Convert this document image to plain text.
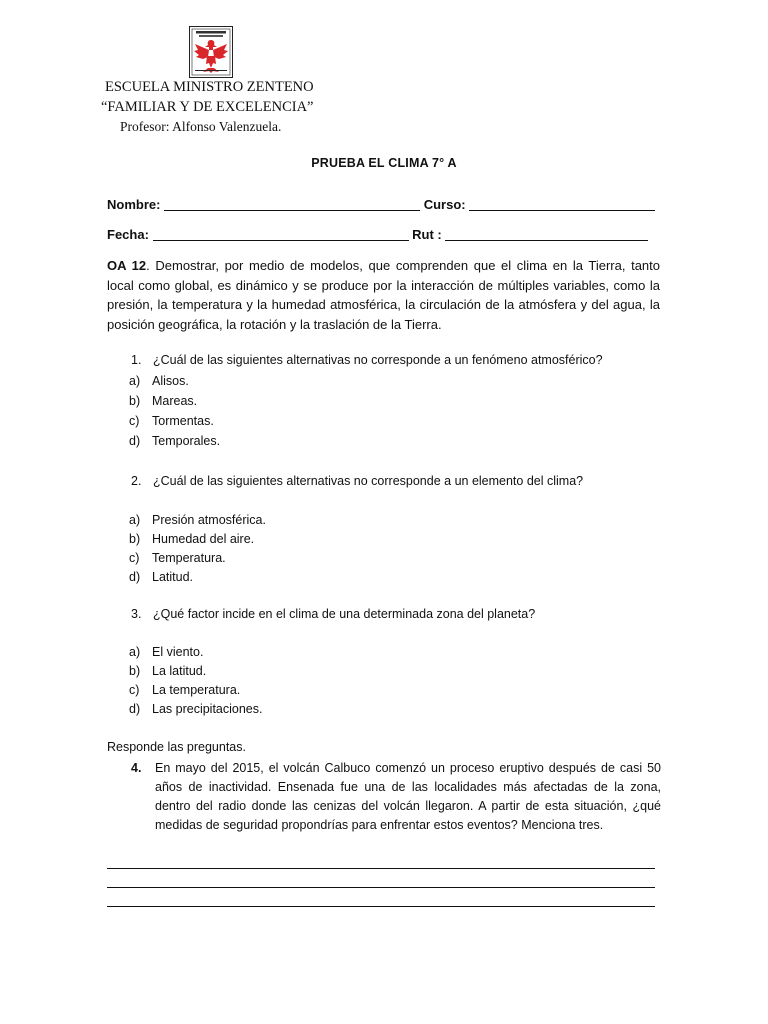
ESCUELA MINISTRO ZENTENO
“FAMILIAR Y DE EXCELENCIA”
Profesor: Alfonso Valenzuela.
PRUEBA EL CLIMA 7° A
Nombre:	Curso:
Fecha:	Rut :
OA 12. Demostrar, por medio de modelos, que comprenden que el clima en la Tierra, tanto local como global, es dinámico y se produce por la interacción de múltiples variables, como la presión, la temperatura y la humedad atmosférica, la circulación de la atmósfera y del agua, la posición geográfica, la rotación y la traslación de la Tierra.
1. ¿Cuál de las siguientes alternativas no corresponde a un fenómeno atmosférico?
a) Alisos.
b) Mareas.
c) Tormentas.
d) Temporales.
2. ¿Cuál de las siguientes alternativas no corresponde a un elemento del clima?
a) Presión atmosférica.
b) Humedad del aire.
c) Temperatura.
d) Latitud.
3. ¿Qué factor incide en el clima de una determinada zona del planeta?
a) El viento.
b) La latitud.
c) La temperatura.
d) Las precipitaciones.
Responde las preguntas.
4. En mayo del 2015, el volcán Calbuco comenzó un proceso eruptivo después de casi 50 años de inactividad. Ensenada fue una de las localidades más afectadas de la zona, dentro del radio donde las cenizas del volcán llegaron. A partir de esta situación, ¿qué medidas de seguridad propondrías para enfrentar estos eventos? Menciona tres.
